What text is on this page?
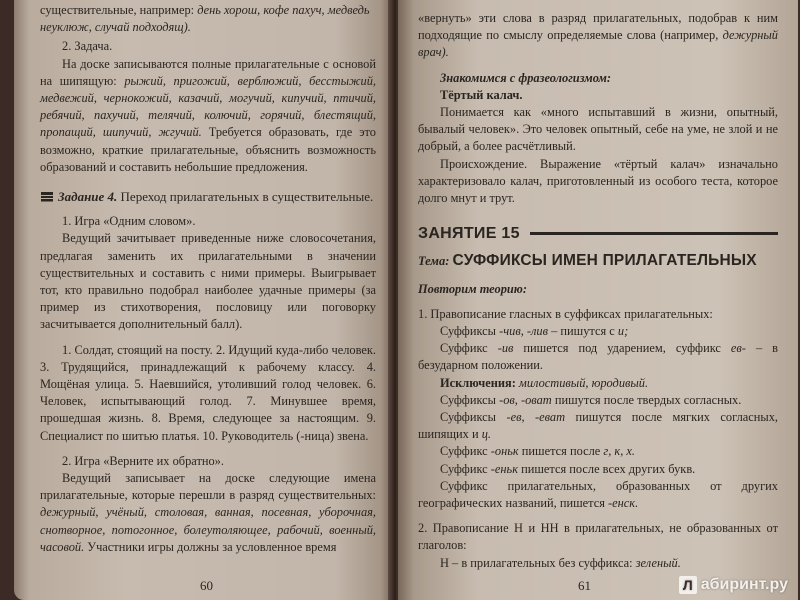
существительные, например: день хорош, кофе пахуч, медведь
неуклюж, случай подходящ).

2. Задача.

На доске записываются полные прилагательные с основой на шипящую: рыжий, пригожий, верблюжий, бесстыжий, медвежий, чернокожий, казачий, могучий, кипучий, птичий, ребячий, пахучий, телячий, колючий, горячий, блестящий, пропащий, шипучий, жгучий. Требуется образовать, где это возможно, краткие прилагательные, объяснить возможность образований и составить небольшие предложения.

Задание 4. Переход прилагательных в существительные.

1. Игра «Одним словом».

Ведущий зачитывает приведенные ниже словосочетания, предлагая заменить их прилагательными в значении существительных и составить с ними примеры. Выигрывает тот, кто правильно подобрал наиболее удачные примеры (за пример из стихотворения, пословицу или поговорку засчитывается дополнительный балл).

1. Солдат, стоящий на посту. 2. Идущий куда-либо человек. 3. Трудящийся, принадлежащий к рабочему классу. 4. Мощёная улица. 5. Наевшийся, утоливший голод человек. 6. Человек, испытывающий голод. 7. Минувшее время, прошедшая жизнь. 8. Время, следующее за настоящим. 9. Специалист по шитью платья. 10. Руководитель (-ница) звена.

2. Игра «Верните их обратно».

Ведущий записывает на доске следующие имена прилагательные, которые перешли в разряд существительных: дежурный, учёный, столовая, ванная, посевная, уборочная, снотворное, потогонное, болеутоляющее, рабочий, военный, часовой. Участники игры должны за условленное время

60

«вернуть» эти слова в разряд прилагательных, подобрав к ним подходящие по смыслу определяемые слова (например, дежурный врач).

Знакомимся с фразеологизмом:

Тёртый калач.

Понимается как «много испытавший в жизни, опытный, бывалый человек». Это человек опытный, себе на уме, не злой и не добрый, а более расчётливый.

Происхождение. Выражение «тёртый калач» изначально характеризовало калач, приготовленный из особого теста, которое долго мнут и трут.

ЗАНЯТИЕ 15
Тема: СУФФИКСЫ ИМЕН ПРИЛАГАТЕЛЬНЫХ

Повторим теорию:

1. Правописание гласных в суффиксах прилагательных:

Суффиксы -чив, -лив – пишутся с и;

Суффикс -ив пишется под ударением, суффикс ев- – в безударном положении.

Исключения: милостивый, юродивый.

Суффиксы -ов, -оват пишутся после твердых согласных.

Суффиксы -ев, -еват пишутся после мягких согласных, шипящих и ц.

Суффикс -оньк пишется после г, к, х.

Суффикс -еньк пишется после всех других букв.

Суффикс прилагательных, образованных от других географических названий, пишется -енск.

2. Правописание Н и НН в прилагательных, не образованных от глаголов:

Н – в прилагательных без суффикса: зеленый.

61	Л абиринт.ру
